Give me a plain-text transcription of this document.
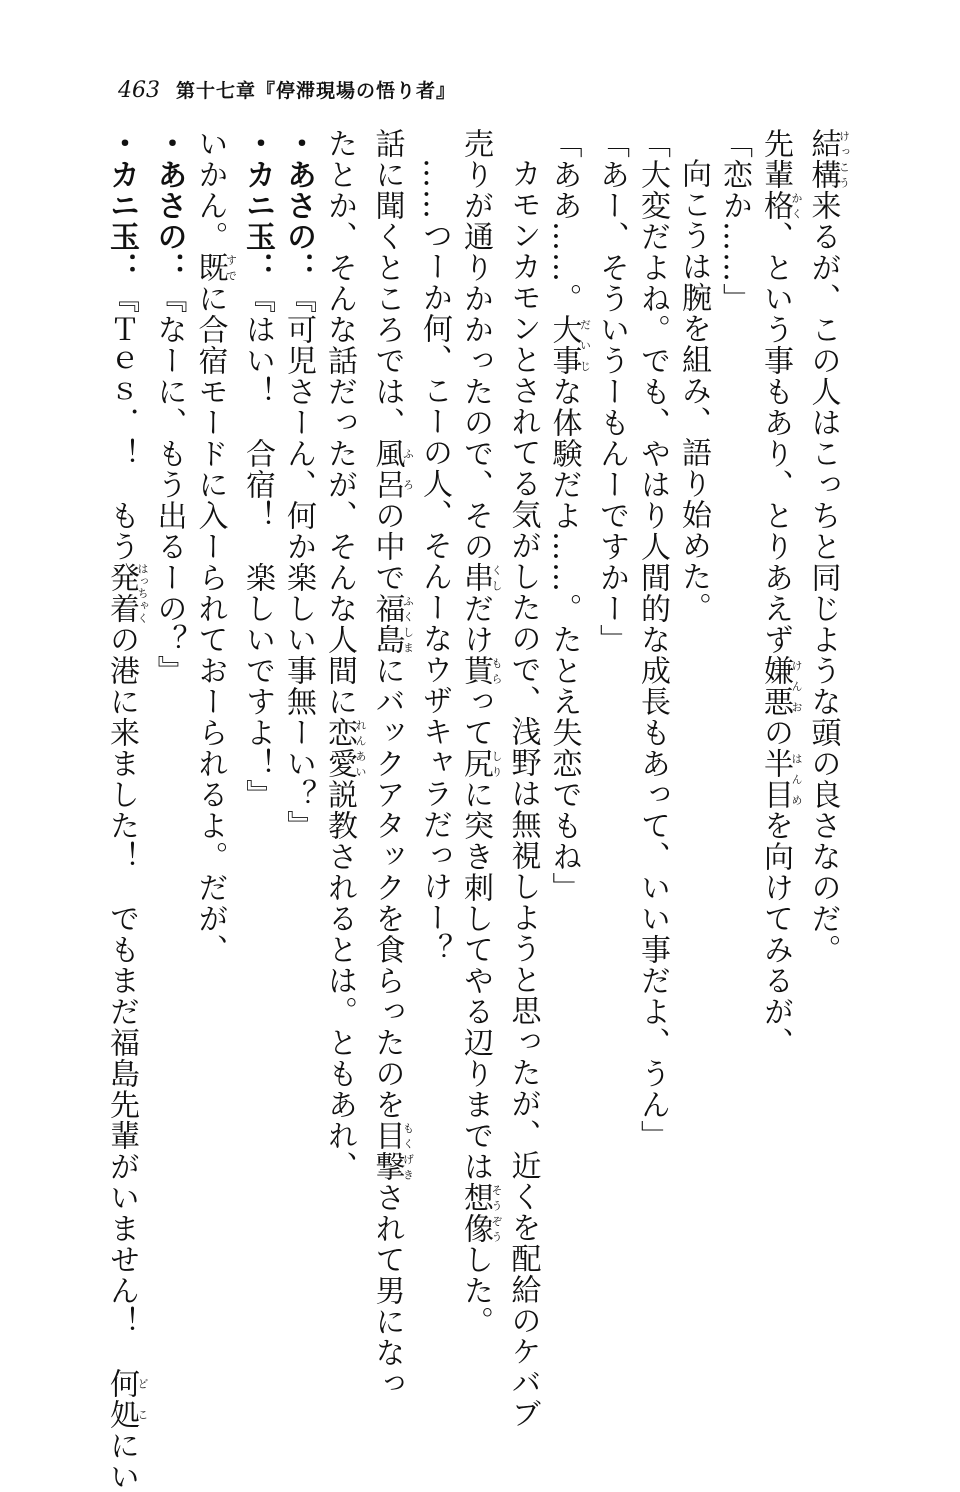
463 第十七章『停滞現場の悟り者』
結けっ構こう来るが、この人はこっちと同じような頭の良さなのだ。
先輩格かく、という事もあり、とりあえず嫌悪けんおの半目はんめを向けてみるが、
「恋か……」
向こうは腕を組み、語り始めた。
「大変だよね。でも、やはり人間的な成長もあって、いい事だよ、うん」
「あー、そういうーもんーですかー」
「ああ……。大事だいじな体験だよ……。たとえ失恋でもね」
カモンカモンとされてる気がしたので、浅野は無視しようと思ったが、近くを配給のケバブ
売りが通りかかったので、その串くしだけ貰もらって尻しりに突き刺してやる辺りまでは想像そうぞうした。
……つーか何、こーの人、そんーなウザキャラだっけー？
話に聞くところでは、風呂ふろの中で福島ふくしまにバックアタックを食らったのを目撃もくげきされて男になっ
たとか、そんな話だったが、そんな人間に恋愛れんあい説教されるとは。ともあれ、
・あさの：『可児さーん、何か楽しい事無ーい？』
・カニ玉：『はい！　合宿！　楽しいですよ！』
いかん。既すでに合宿モードに入ーられておーられるよ。だが、
・あさの：『なーに、もう出るーの？』
・カニ玉：『Ｔｅｓ．！　もう発着はっちゃくの港に来ました！　でもまだ福島先輩がいません！　何処どこにい
